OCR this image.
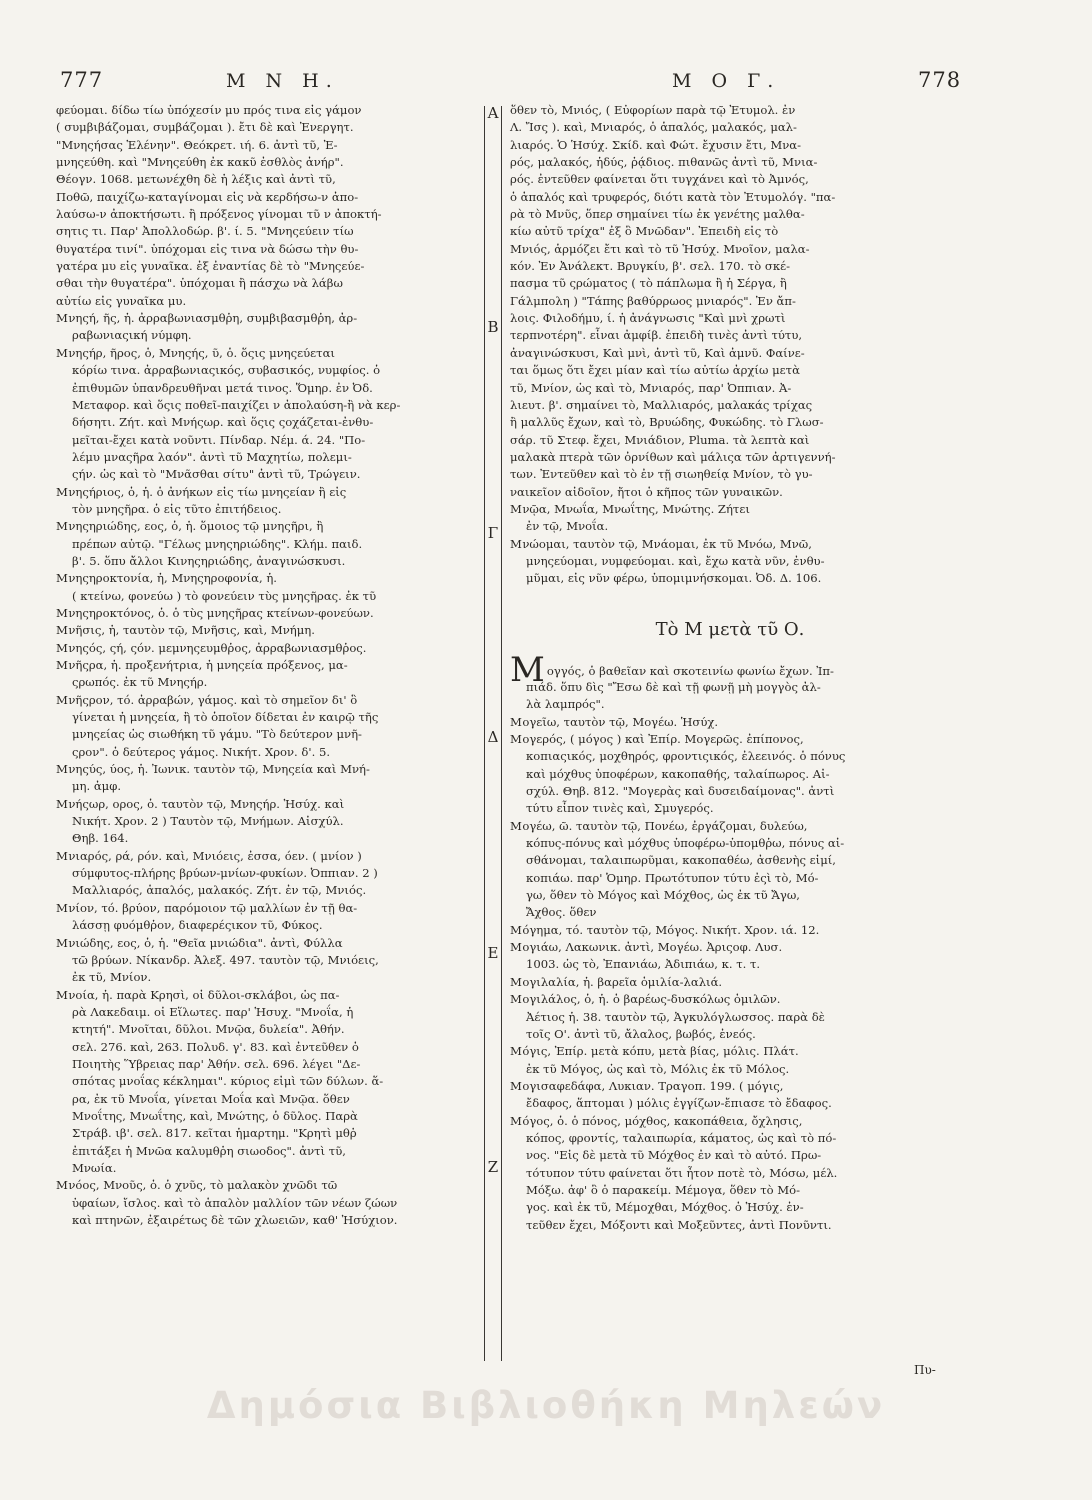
777	Μ Ν Η.	Μ Ο Γ.	778
φεύομαι. δίδω τίω ὑπόχεσίν μυ πρός τινα εἰς γάμον
( συμβιβάζομαι, συμβάζομαι ). ἔτι δὲ καὶ Ἐνεργητ.
"Μνηςήσας Ἑλένην". Θεόκρετ. ιή. 6. ἀντὶ τῦ, Ἐ-
μνηςεύθη. καὶ "Μνηςεύθη ἐκ κακῦ ἐσθλὸς ἀνήρ".
Θέογν. 1068. μετωνέχθη δὲ ἡ λέξις καὶ ἀντὶ τῦ,
Ποθῶ, παιχίζω-καταγίνομαι εἰς νὰ κερδήσω-ν ἀπο-
λαύσω-ν ἀποκτήσωτι. ἢ πρόξενος γίνομαι τῦ ν ἀποκτή-
σητις τι. Παρ' Ἀπολλοδώρ. β'. ί. 5. "Μνηςεύειν τίω
θυγατέρα τινί". ὑπόχομαι εἰς τινα νὰ δώσω τὴν θυ-
γατέρα μυ εἰς γυναῖκα. ἐξ ἐναντίας δὲ τὸ "Μνηςεύε-
σθαι τὴν θυγατέρα". ὑπόχομαι ἢ πάσχω νὰ λάβω
αὐτίω εἰς γυναῖκα μυ.
Μνηςή, ῆς, ἡ. ἀρραβωνιασμθῥη, συμβιβασμθῥη, ἀρ-
ραβωνιαςική νύμφη.
Μνηςήρ, ῆρος, ὁ, Μνηςής, ῦ, ὁ. ὅςις μνηςεύεται
κόρίω τινα. ἀρραβωνιαςικός, συβασικός, νυμφίος. ὁ
ἐπιθυμῶν ὑπανδρευθῆναι μετά τινος. Ὅμηρ. ἐν Ὀδ.
Μεταφορ. καὶ ὅςις ποθεῖ-παιχίζει ν ἀπολαύση-ἢ νὰ κερ-
δήσητι. Ζήτ. καὶ Μνήςωρ. καὶ ὅςις ςοχάζεται-ἐνθυ-
μεῖται-ἔχει κατὰ νοῦντι. Πίνδαρ. Νέμ. ά. 24. "Πο-
λέμυ μναςῆρα λαόν". ἀντὶ τῦ Μαχητίω, πολεμι-
ςήν. ὡς καὶ τὸ "Μνᾶσθαι σίτυ" ἀντὶ τῦ, Τρώγειν.
Μνηςήριος, ὁ, ἡ. ὁ ἀνήκων εἰς τίω μνηςείαν ἢ εἰς
τὸν μνηςῆρα. ὁ εἰς τῦτο ἐπιτήδειος.
Μνηςηριώδης, εος, ὁ, ἡ. ὅμοιος τῷ μνηςῆρι, ἢ
πρέπων αὐτῷ. "Γέλως μνηςηριώδης". Κλήμ. παιδ.
β'. 5. ὅπυ ἄλλοι Κινηςηριώδης, ἀναγινώσκυσι.
Μνηςηροκτονία, ἡ, Μνηςηροφονία, ἡ.
( κτείνω, φονεύω ) τὸ φονεύειν τὺς μνηςῆρας. ἐκ τῦ
Μνηςηροκτόνος, ὁ. ὁ τὺς μνηςῆρας κτείνων-φονεύων.
Μνῆσις, ἡ, ταυτὸν τῷ, Μνῆσις, καὶ, Μνήμη.
Μνηςός, ςή, ςόν. μεμνηςευμθῥος, ἀρραβωνιασμθῥος.
Μνῆςρα, ἡ. προξενήτρια, ἡ μνηςεία πρόξενος, μα-
ςρωπός. ἐκ τῦ Μνηςήρ.
Μνῆςρον, τό. ἀρραβών, γάμος. καὶ τὸ σημεῖον δι' ὃ
γίνεται ἡ μνηςεία, ἢ τὸ ὁποῖον δίδεται ἐν καιρῷ τῆς
μνηςείας ὡς σιωθήκη τῦ γάμυ. "Τὸ δεύτερον μνῆ-
ςρον". ὁ δεύτερος γάμος. Νικήτ. Χρον. δ'. 5.
Μνηςύς, ύος, ἡ. Ἰωνικ. ταυτὸν τῷ, Μνηςεία καὶ Μνή-
μη. ἀμφ.
Μνήςωρ, ορος, ὁ. ταυτὸν τῷ, Μνηςήρ. Ἡσύχ. καὶ
Νικήτ. Χρον. 2 ) Ταυτὸν τῷ, Μνήμων. Αἰσχύλ.
Θηβ. 164.
Μνιαρός, ρά, ρόν. καὶ, Μνιόεις, ἐσσα, όεν. ( μνίον )
σύμφυτος-πλήρης βρύων-μνίων-φυκίων. Ὀππιαν. 2 )
Μαλλιαρός, ἁπαλός, μαλακός. Ζήτ. ἐν τῷ, Μνιός.
Μνίον, τό. βρύον, παρόμοιον τῷ μαλλίων ἐν τῇ θα-
λάσσῃ φυόμθῥον, διαφερέςικον τῦ, Φύκος.
Μνιώδης, εος, ὁ, ἡ. "Θεῖα μνιώδια". ἀντὶ, Φύλλα
τῶ βρύων. Νίκανδρ. Ἀλεξ. 497. ταυτὸν τῷ, Μνιόεις,
ἐκ τῦ, Μνίον.
Μνοία, ἡ. παρὰ Κρησὶ, οἱ δῦλοι-σκλάβοι, ὡς πα-
ρὰ Λακεδαιμ. οἱ Εἵλωτες. παρ' Ἡσυχ. "Μνοΐα, ἡ
κτητή". Μνοῖται, δῦλοι. Μνῷα, δυλεία". Ἀθήν.
σελ. 276. καὶ, 263. Πολυδ. γ'. 83. καὶ ἐντεῦθεν ὁ
Ποιητὴς Ὕβρειας παρ' Ἀθήν. σελ. 696. λέγει "Δε-
σπότας μνοΐας κέκλημαι". κύριος εἰμὶ τῶν δύλων. ἅ-
ρα, ἐκ τῦ Μνοΐα, γίνεται Μοΐα καὶ Μνῷα. ὅθεν
Μνοΐτης, Μνωΐτης, καὶ, Μνώτης, ὁ δῦλος. Παρὰ
Στράβ. ιβ'. σελ. 817. κεῖται ἡμαρτημ. "Κρητὶ μθῥ
ἐπιτάξει ἡ Μνῶα καλυμθῥη σιωοδος". ἀντὶ τῦ,
Μνωία.
Μνόος, Μνοῦς, ὁ. ὁ χνῦς, τὸ μαλακὸν χνῶδι τῶ
ὑφαίων, ἴσλος. καὶ τὸ ἁπαλὸν μαλλίον τῶν νέων ζώων
καὶ πτηνῶν, ἐξαιρέτως δὲ τῶν χλωειῶν, καθ' Ἡσύχιον.
Α
Β
Γ
Δ
Ε
Ζ
ὅθεν τὸ, Μνιός, ( Εὐφορίων παρὰ τῷ Ἐτυμολ. ἐν
Λ. Ἴσς ). καὶ, Μνιαρός, ὁ ἁπαλός, μαλακός, μαλ-
λιαρός. Ὁ Ἡσύχ. Σκίδ. καὶ Φώτ. ἔχυσιν ἔτι, Μνα-
ρός, μαλακός, ἡδύς, ῥᾴδιος. πιθανῶς ἀντὶ τῦ, Μνια-
ρός. ἐντεῦθεν φαίνεται ὅτι τυγχάνει καὶ τὸ Ἀμνός,
ὁ ἁπαλός καὶ τρυφερός, διότι κατὰ τὸν Ἐτυμολόγ. "πα-
ρὰ τὸ Μνῦς, ὅπερ σημαίνει τίω ἐκ γενέτης μαλθα-
κίω αὐτῦ τρίχα" ἐξ ὃ Μνῶδαν". Ἐπειδὴ εἰς τὸ
Μνιός, ἁρμόζει ἔτι καὶ τὸ τῦ Ἡσύχ. Μνοῖον, μαλα-
κόν. Ἐν Ἀνάλεκτ. Βρυγκίυ, β'. σελ. 170. τὸ σκέ-
πασμα τῦ ςρώματος ( τὸ πάπλωμα ἢ ἡ Σέργα, ἢ
Γάλμπολη ) "Τάπης βαθύρρωος μνιαρός". Ἐν ἄπ-
λοις. Φιλοδήμυ, ί. ἡ ἀνάγνωσις "Καὶ μνὶ χρωτὶ
τερπνοτέρη". εἶναι ἀμφίβ. ἐπειδὴ τινὲς ἀντὶ τύτυ,
ἀναγινώσκυσι, Καὶ μνὶ, ἀντὶ τῦ, Καὶ ἀμνῦ. Φαίνε-
ται ὅμως ὅτι ἔχει μίαν καὶ τίω αὐτίω ἀρχίω μετὰ
τῦ, Μνίον, ὡς καὶ τὸ, Μνιαρός, παρ' Ὀππιαν. Ἀ-
λιευτ. β'. σημαίνει τὸ, Μαλλιαρός, μαλακάς τρίχας
ἢ μαλλῦς ἔχων, καὶ τὸ, Βρυώδης, Φυκώδης. τὸ Γλωσ-
σάρ. τῦ Στεφ. ἔχει, Μνιάδιον, Pluma. τὰ λεπτὰ καὶ
μαλακὰ πτερὰ τῶν ὀρνίθων καὶ μάλιςα τῶν ἀρτιγεννή-
των. Ἐντεῦθεν καὶ τὸ ἐν τῇ σιωηθείᾳ Μνίον, τὸ γυ-
ναικεῖον αἰδοῖον, ἤτοι ὁ κῆπος τῶν γυναικῶν.
Μνῷα, Μνωΐα, Μνωΐτης, Μνώτης. Ζήτει
ἐν τῷ, Μνοΐα.
Μνώομαι, ταυτὸν τῷ, Μνάομαι, ἐκ τῦ Μνόω, Μνῶ,
μνηςεύομαι, νυμφεύομαι. καὶ, ἔχω κατὰ νῦν, ἐνθυ-
μῦμαι, εἰς νῦν φέρω, ὑπομιμνήσκομαι. Ὀδ. Δ. 106.
Τὸ Μ μετὰ τῦ Ο.
Μογγός, ὁ βαθεῖαν καὶ σκοτεινίω φωνίω ἔχων. Ἰπ-
πιάδ. ὅπυ δὶς "Ἔσω δὲ καὶ τῇ φωνῇ μὴ μογγὸς ἀλ-
λὰ λαμπρός".
Μογεῖω, ταυτὸν τῷ, Μογέω. Ἡσύχ.
Μογερός, ( μόγος ) καὶ Ἐπίρ. Μογερῶς. ἐπίπονος,
κοπιαςικός, μοχθηρός, φροντιςικός, ἐλεεινός. ὁ πόνυς
καὶ μόχθυς ὑποφέρων, κακοπαθής, ταλαίπωρος. Αἰ-
σχύλ. Θηβ. 812. "Μογερὰς καὶ δυσειδαίμονας". ἀντὶ
τύτυ εἶπον τινὲς καὶ, Σμυγερός.
Μογέω, ῶ. ταυτὸν τῷ, Πονέω, ἐργάζομαι, δυλεύω,
κόπυς-πόνυς καὶ μόχθυς ὑποφέρω-ὑπομθῥω, πόνυς αἰ-
σθάνομαι, ταλαιπωρῦμαι, κακοπαθέω, ἀσθενὴς εἰμί,
κοπιάω. παρ' Ὁμηρ. Πρωτότυπον τύτυ ἐςὶ τὸ, Μό-
γω, ὅθεν τὸ Μόγος καὶ Μόχθος, ὡς ἐκ τῦ Ἄγω,
Ἄχθος. ὅθεν
Μόγημα, τό. ταυτὸν τῷ, Μόγος. Νικήτ. Χρον. ιά. 12.
Μογιάω, Λακωνικ. ἀντὶ, Μογέω. Ἀριςοφ. Λυσ.
1003. ὡς τὸ, Ἐπανιάω, Ἀδιπιάω, κ. τ. τ.
Μογιλαλία, ἡ. βαρεῖα ὁμιλία-λαλιά.
Μογιλάλος, ὁ, ἡ. ὁ βαρέως-δυσκόλως ὁμιλῶν.
Ἀέτιος ἡ. 38. ταυτὸν τῷ, Ἀγκυλόγλωσσος. παρὰ δὲ
τοῖς Ο'. ἀντὶ τῦ, ἄλαλος, βωβός, ἐνεός.
Μόγις, Ἐπίρ. μετὰ κόπυ, μετὰ βίας, μόλις. Πλάτ.
ἐκ τῦ Μόγος, ὡς καὶ τὸ, Μόλις ἐκ τῦ Μόλος.
Μογισαφεδάφα, Λυκιαν. Τραγοπ. 199. ( μόγις,
ἔδαφος, ἅπτομαι ) μόλις ἐγγίζων-ἔπιασε τὸ ἔδαφος.
Μόγος, ὁ. ὁ πόνος, μόχθος, κακοπάθεια, ὄχλησις,
κόπος, φροντίς, ταλαιπωρία, κάματος, ὡς καὶ τὸ πό-
νος. "Εἰς δὲ μετὰ τῦ Μόχθος ἐν καὶ τὸ αὐτό. Πρω-
τότυπον τύτυ φαίνεται ὅτι ἦτον ποτὲ τὸ, Μόσω, μέλ.
Μόξω. ἀφ' ὃ ὁ παρακείμ. Μέμογα, ὅθεν τὸ Μό-
γος. καὶ ἐκ τῦ, Μέμοχθαι, Μόχθος. ὁ Ἡσύχ. ἐν-
τεῦθεν ἔχει, Μόξοντι καὶ Μοξεῦντες, ἀντὶ Πονῦντι.
Πυ-
Δημόσια Βιβλιοθήκη Μηλεών
